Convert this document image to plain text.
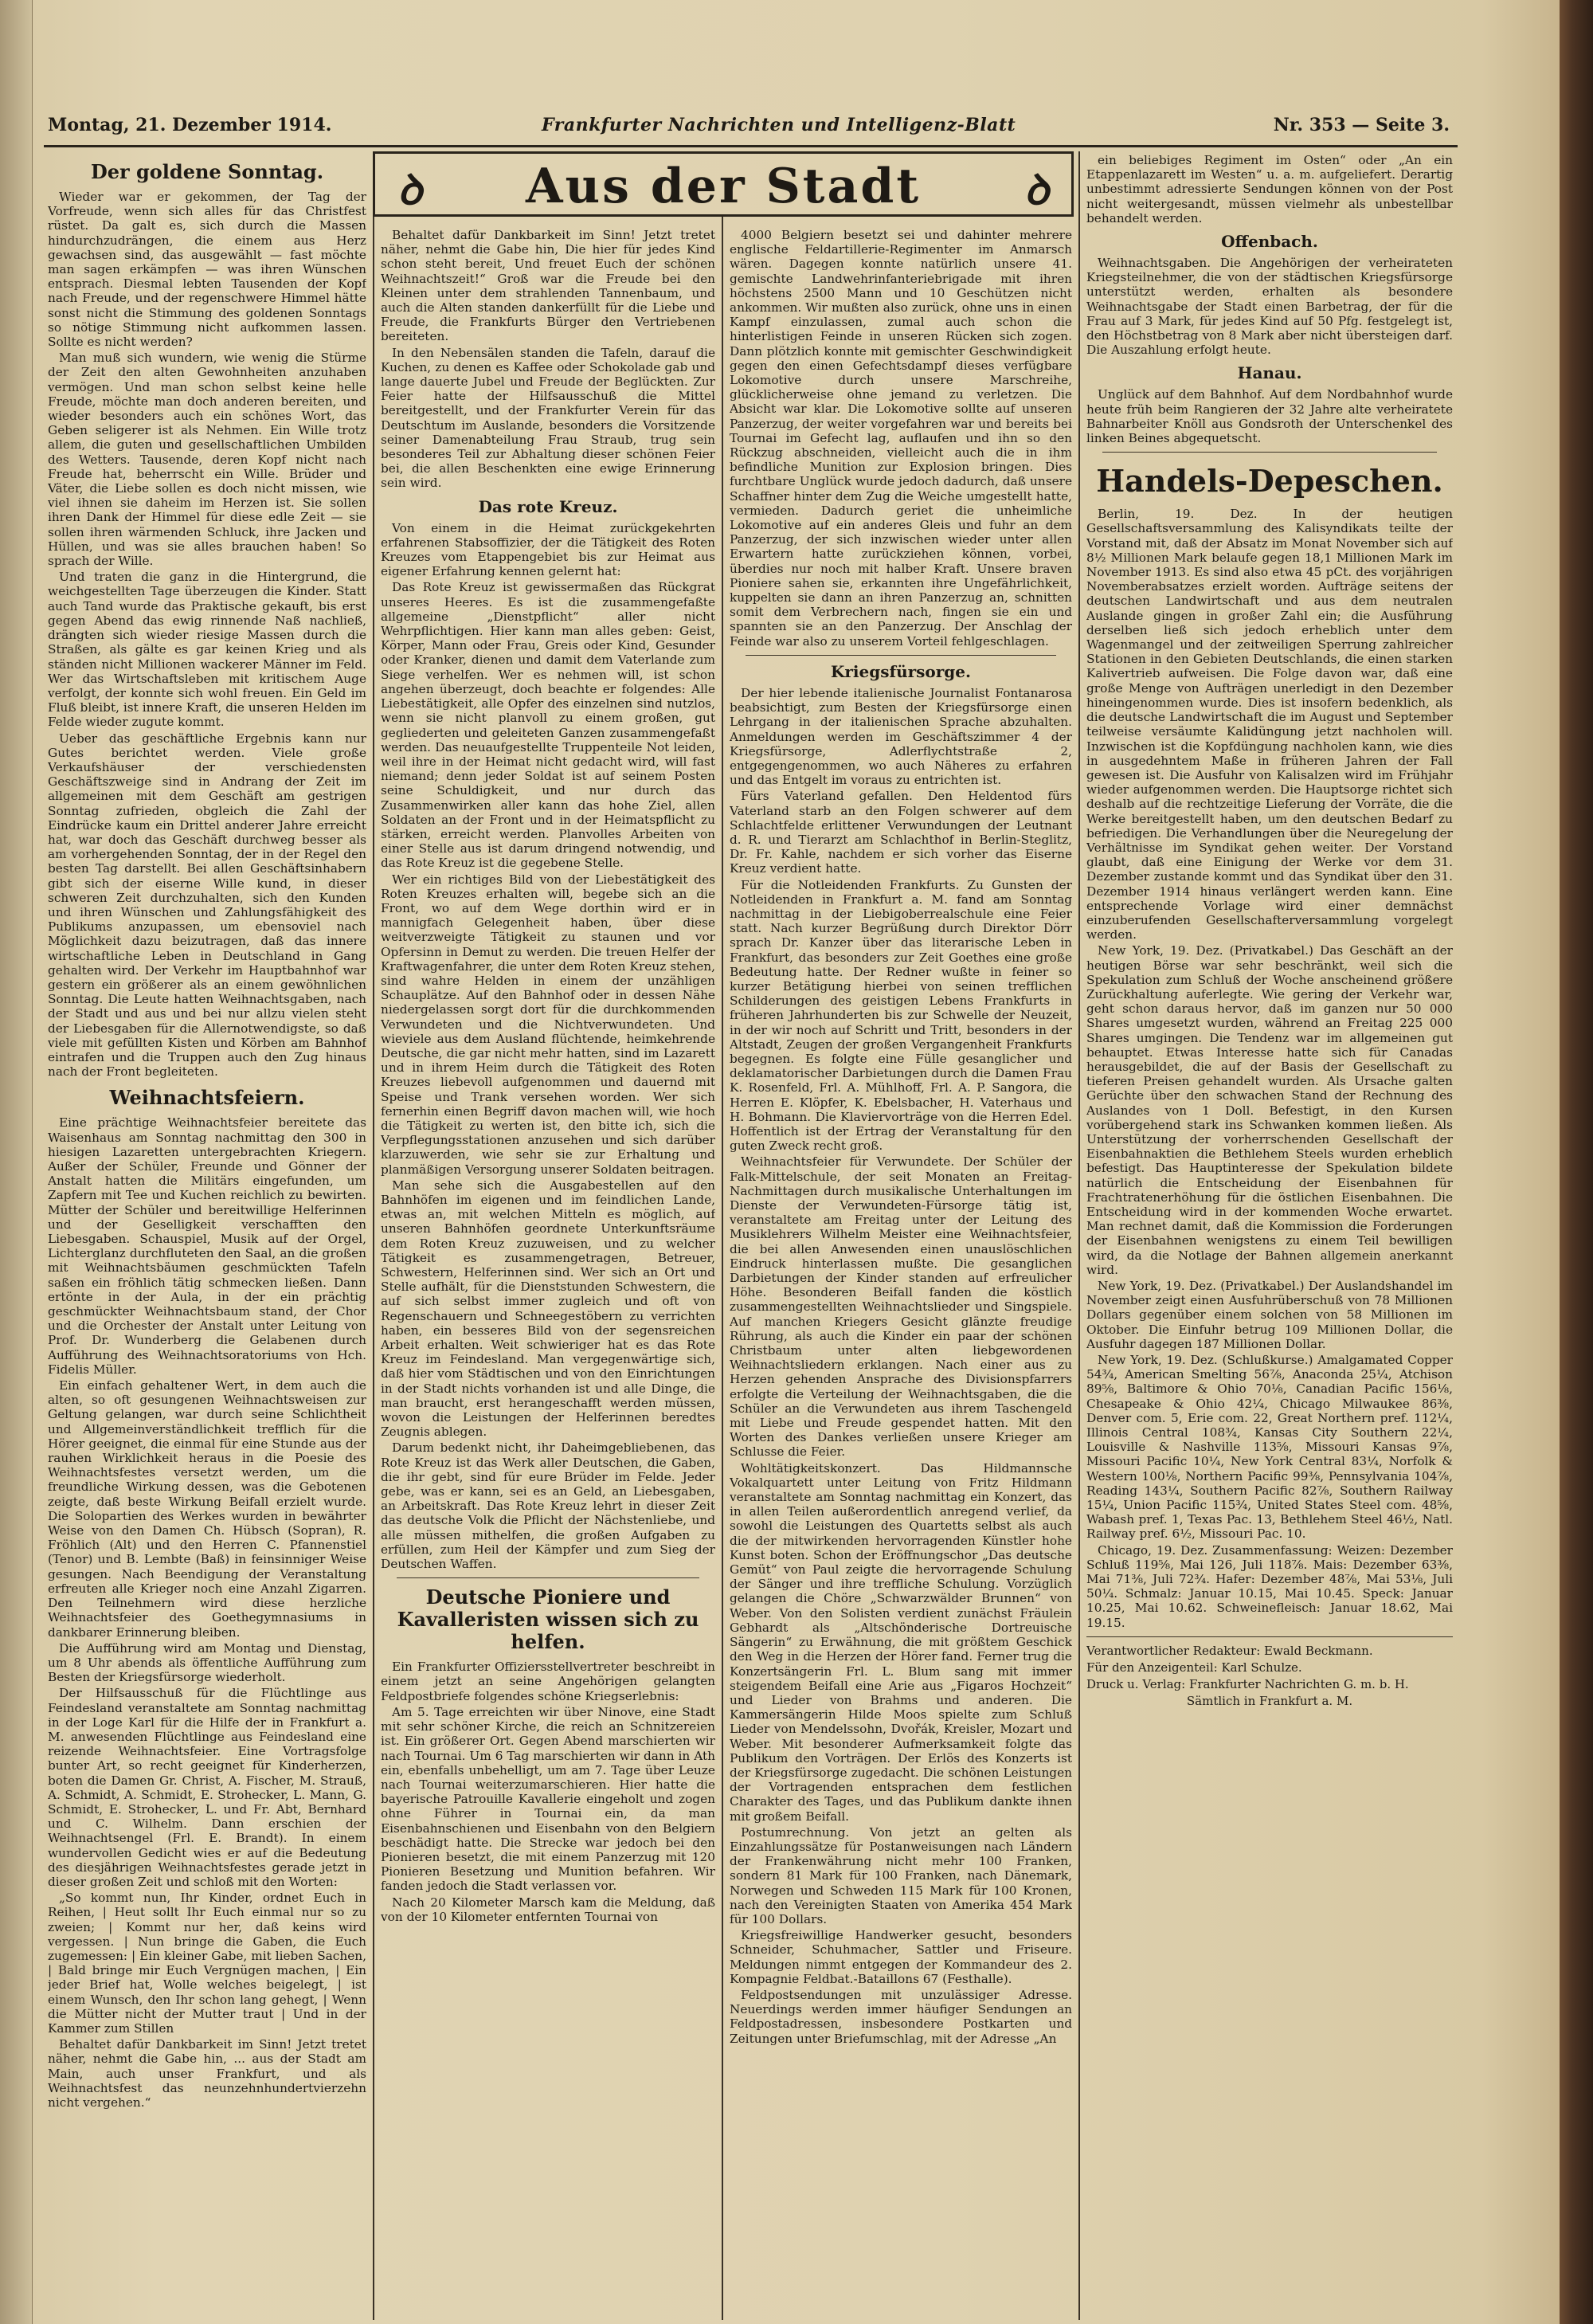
Montag, 21. Dezember 1914.	Frankfurter Nachrichten und Intelligenz-Blatt	Nr. 353 — Seite 3.
ꝺ	Aus der Stadt	ꝺ
Der goldene Sonntag.

Wieder war er gekommen, der Tag der Vorfreude, wenn sich alles für das Christfest rüstet. Da galt es, sich durch die Massen hindurchzudrängen, die einem aus Herz gewachsen sind, das ausgewählt — fast möchte man sagen erkämpfen — was ihren Wünschen entsprach. Diesmal lebten Tausenden der Kopf nach Freude, und der regenschwere Himmel hätte sonst nicht die Stimmung des goldenen Sonntags so nötige Stimmung nicht aufkommen lassen. Sollte es nicht werden?

Man muß sich wundern, wie wenig die Stürme der Zeit den alten Gewohnheiten anzuhaben vermögen. Und man schon selbst keine helle Freude, möchte man doch anderen bereiten, und wieder besonders auch ein schönes Wort, das Geben seligerer ist als Nehmen. Ein Wille trotz allem, die guten und gesellschaftlichen Umbilden des Wetters. Tausende, deren Kopf nicht nach Freude hat, beherrscht ein Wille. Brüder und Väter, die Liebe sollen es doch nicht missen, wie viel ihnen sie daheim im Herzen ist. Sie sollen ihren Dank der Himmel für diese edle Zeit — sie sollen ihren wärmenden Schluck, ihre Jacken und Hüllen, und was sie alles brauchen haben! So sprach der Wille.

Und traten die ganz in die Hintergrund, die weichgestellten Tage überzeugen die Kinder. Statt auch Tand wurde das Praktische gekauft, bis erst gegen Abend das ewig rinnende Naß nachließ, drängten sich wieder riesige Massen durch die Straßen, als gälte es gar keinen Krieg und als ständen nicht Millionen wackerer Männer im Feld. Wer das Wirtschaftsleben mit kritischem Auge verfolgt, der konnte sich wohl freuen. Ein Geld im Fluß bleibt, ist innere Kraft, die unseren Helden im Felde wieder zugute kommt.

Ueber das geschäftliche Ergebnis kann nur Gutes berichtet werden. Viele große Verkaufshäuser der verschiedensten Geschäftszweige sind in Andrang der Zeit im allgemeinen mit dem Geschäft am gestrigen Sonntag zufrieden, obgleich die Zahl der Eindrücke kaum ein Drittel anderer Jahre erreicht hat, war doch das Geschäft durchweg besser als am vorhergehenden Sonntag, der in der Regel den besten Tag darstellt. Bei allen Geschäftsinhabern gibt sich der eiserne Wille kund, in dieser schweren Zeit durchzuhalten, sich den Kunden und ihren Wünschen und Zahlungsfähigkeit des Publikums anzupassen, um ebensoviel nach Möglichkeit dazu beizutragen, daß das innere wirtschaftliche Leben in Deutschland in Gang gehalten wird. Der Verkehr im Hauptbahnhof war gestern ein größerer als an einem gewöhnlichen Sonntag. Die Leute hatten Weihnachtsgaben, nach der Stadt und aus und bei nur allzu vielen steht der Liebesgaben für die Allernotwendigste, so daß viele mit gefüllten Kisten und Körben am Bahnhof eintrafen und die Truppen auch den Zug hinaus nach der Front begleiteten.

Weihnachtsfeiern.

Eine prächtige Weihnachtsfeier bereitete das Waisenhaus am Sonntag nachmittag den 300 in hiesigen Lazaretten untergebrachten Kriegern. Außer der Schüler, Freunde und Gönner der Anstalt hatten die Militärs eingefunden, um Zapfern mit Tee und Kuchen reichlich zu bewirten. Mütter der Schüler und bereitwillige Helferinnen und der Geselligkeit verschafften den Liebesgaben. Schauspiel, Musik auf der Orgel, Lichterglanz durchfluteten den Saal, an die großen mit Weihnachtsbäumen geschmückten Tafeln saßen ein fröhlich tätig schmecken ließen. Dann ertönte in der Aula, in der ein prächtig geschmückter Weihnachtsbaum stand, der Chor und die Orchester der Anstalt unter Leitung von Prof. Dr. Wunderberg die Gelabenen durch Aufführung des Weihnachtsoratoriums von Hch. Fidelis Müller.

Ein einfach gehaltener Wert, in dem auch die alten, so oft gesungenen Weihnachtsweisen zur Geltung gelangen, war durch seine Schlichtheit und Allgemeinverständlichkeit trefflich für die Hörer geeignet, die einmal für eine Stunde aus der rauhen Wirklichkeit heraus in die Poesie des Weihnachtsfestes versetzt werden, um die freundliche Wirkung dessen, was die Gebotenen zeigte, daß beste Wirkung Beifall erzielt wurde. Die Solopartien des Werkes wurden in bewährter Weise von den Damen Ch. Hübsch (Sopran), R. Fröhlich (Alt) und den Herren C. Pfannenstiel (Tenor) und B. Lembte (Baß) in feinsinniger Weise gesungen. Nach Beendigung der Veranstaltung erfreuten alle Krieger noch eine Anzahl Zigarren. Den Teilnehmern wird diese herzliche Weihnachtsfeier des Goethegymnasiums in dankbarer Erinnerung bleiben.

Die Aufführung wird am Montag und Dienstag, um 8 Uhr abends als öffentliche Aufführung zum Besten der Kriegsfürsorge wiederholt.

Der Hilfsausschuß für die Flüchtlinge aus Feindesland veranstaltete am Sonntag nachmittag in der Loge Karl für die Hilfe der in Frankfurt a. M. anwesenden Flüchtlinge aus Feindesland eine reizende Weihnachtsfeier. Eine Vortragsfolge bunter Art, so recht geeignet für Kinderherzen, boten die Damen Gr. Christ, A. Fischer, M. Strauß, A. Schmidt, A. Schmidt, E. Strohecker, L. Mann, G. Schmidt, E. Strohecker, L. und Fr. Abt, Bernhard und C. Wilhelm. Dann erschien der Weihnachtsengel (Frl. E. Brandt). In einem wundervollen Gedicht wies er auf die Bedeutung des diesjährigen Weihnachtsfestes gerade jetzt in dieser großen Zeit und schloß mit den Worten:

„So kommt nun, Ihr Kinder, ordnet Euch in Reihen, | Heut sollt Ihr Euch einmal nur so zu zweien; | Kommt nur her, daß keins wird vergessen. | Nun bringe die Gaben, die Euch zugemessen: | Ein kleiner Gabe, mit lieben Sachen, | Bald bringe mir Euch Vergnügen machen, | Ein jeder Brief hat, Wolle welches beigelegt, | ist einem Wunsch, den Ihr schon lang gehegt, | Wenn die Mütter nicht der Mutter traut | Und in der Kammer zum Stillen

Behaltet dafür Dankbarkeit im Sinn! Jetzt tretet näher, nehmt die Gabe hin, ... aus der Stadt am Main, auch unser Frankfurt, und als Weihnachtsfest das neunzehnhundertvierzehn nicht vergehen.“

Behaltet dafür Dankbarkeit im Sinn! Jetzt tretet näher, nehmt die Gabe hin, Die hier für jedes Kind schon steht bereit, Und freuet Euch der schönen Weihnachtszeit!“ Groß war die Freude bei den Kleinen unter dem strahlenden Tannenbaum, und auch die Alten standen dankerfüllt für die Liebe und Freude, die Frankfurts Bürger den Vertriebenen bereiteten.

In den Nebensälen standen die Tafeln, darauf die Kuchen, zu denen es Kaffee oder Schokolade gab und lange dauerte Jubel und Freude der Beglückten. Zur Feier hatte der Hilfsausschuß die Mittel bereitgestellt, und der Frankfurter Verein für das Deutschtum im Auslande, besonders die Vorsitzende seiner Damenabteilung Frau Straub, trug sein besonderes Teil zur Abhaltung dieser schönen Feier bei, die allen Beschenkten eine ewige Erinnerung sein wird.

Das rote Kreuz.

Von einem in die Heimat zurückgekehrten erfahrenen Stabsoffizier, der die Tätigkeit des Roten Kreuzes vom Etappengebiet bis zur Heimat aus eigener Erfahrung kennen gelernt hat:

Das Rote Kreuz ist gewissermaßen das Rückgrat unseres Heeres. Es ist die zusammengefaßte allgemeine „Dienstpflicht“ aller nicht Wehrpflichtigen. Hier kann man alles geben: Geist, Körper, Mann oder Frau, Greis oder Kind, Gesunder oder Kranker, dienen und damit dem Vaterlande zum Siege verhelfen. Wer es nehmen will, ist schon angehen überzeugt, doch beachte er folgendes: Alle Liebestätigkeit, alle Opfer des einzelnen sind nutzlos, wenn sie nicht planvoll zu einem großen, gut gegliederten und geleiteten Ganzen zusammengefaßt werden. Das neuaufgestellte Truppenteile Not leiden, weil ihre in der Heimat nicht gedacht wird, will fast niemand; denn jeder Soldat ist auf seinem Posten seine Schuldigkeit, und nur durch das Zusammenwirken aller kann das hohe Ziel, allen Soldaten an der Front und in der Heimatspflicht zu stärken, erreicht werden. Planvolles Arbeiten von einer Stelle aus ist darum dringend notwendig, und das Rote Kreuz ist die gegebene Stelle.

Wer ein richtiges Bild von der Liebestätigkeit des Roten Kreuzes erhalten will, begebe sich an die Front, wo auf dem Wege dorthin wird er in mannigfach Gelegenheit haben, über diese weitverzweigte Tätigkeit zu staunen und vor Opfersinn in Demut zu werden. Die treuen Helfer der Kraftwagenfahrer, die unter dem Roten Kreuz stehen, sind wahre Helden in einem der unzähligen Schauplätze. Auf den Bahnhof oder in dessen Nähe niedergelassen sorgt dort für die durchkommenden Verwundeten und die Nichtverwundeten. Und wieviele aus dem Ausland flüchtende, heimkehrende Deutsche, die gar nicht mehr hatten, sind im Lazarett und in ihrem Heim durch die Tätigkeit des Roten Kreuzes liebevoll aufgenommen und dauernd mit Speise und Trank versehen worden. Wer sich fernerhin einen Begriff davon machen will, wie hoch die Tätigkeit zu werten ist, den bitte ich, sich die Verpflegungsstationen anzusehen und sich darüber klarzuwerden, wie sehr sie zur Erhaltung und planmäßigen Versorgung unserer Soldaten beitragen.

Man sehe sich die Ausgabestellen auf den Bahnhöfen im eigenen und im feindlichen Lande, etwas an, mit welchen Mitteln es möglich, auf unseren Bahnhöfen geordnete Unterkunftsräume dem Roten Kreuz zuzuweisen, und zu welcher Tätigkeit es zusammengetragen, Betreuer, Schwestern, Helferinnen sind. Wer sich an Ort und Stelle aufhält, für die Dienststunden Schwestern, die auf sich selbst immer zugleich und oft von Regenschauern und Schneegestöbern zu verrichten haben, ein besseres Bild von der segensreichen Arbeit erhalten. Weit schwieriger hat es das Rote Kreuz im Feindesland. Man vergegenwärtige sich, daß hier vom Städtischen und von den Einrichtungen in der Stadt nichts vorhanden ist und alle Dinge, die man braucht, erst herangeschafft werden müssen, wovon die Leistungen der Helferinnen beredtes Zeugnis ablegen.

Darum bedenkt nicht, ihr Daheimgebliebenen, das Rote Kreuz ist das Werk aller Deutschen, die Gaben, die ihr gebt, sind für eure Brüder im Felde. Jeder gebe, was er kann, sei es an Geld, an Liebesgaben, an Arbeitskraft. Das Rote Kreuz lehrt in dieser Zeit das deutsche Volk die Pflicht der Nächstenliebe, und alle müssen mithelfen, die großen Aufgaben zu erfüllen, zum Heil der Kämpfer und zum Sieg der Deutschen Waffen.

Deutsche Pioniere und Kavalleristen wissen sich zu helfen.

Ein Frankfurter Offiziersstellvertreter beschreibt in einem jetzt an seine Angehörigen gelangten Feldpostbriefe folgendes schöne Kriegserlebnis:

Am 5. Tage erreichten wir über Ninove, eine Stadt mit sehr schöner Kirche, die reich an Schnitzereien ist. Ein größerer Ort. Gegen Abend marschierten wir nach Tournai. Um 6 Tag marschierten wir dann in Ath ein, ebenfalls unbehelligt, um am 7. Tage über Leuze nach Tournai weiterzumarschieren. Hier hatte die bayerische Patrouille Kavallerie eingeholt und zogen ohne Führer in Tournai ein, da man Eisenbahnschienen und Eisenbahn von den Belgiern beschädigt hatte. Die Strecke war jedoch bei den Pionieren besetzt, die mit einem Panzerzug mit 120 Pionieren Besetzung und Munition befahren. Wir fanden jedoch die Stadt verlassen vor.

Nach 20 Kilometer Marsch kam die Meldung, daß von der 10 Kilometer entfernten Tournai von

4000 Belgiern besetzt sei und dahinter mehrere englische Feldartillerie-Regimenter im Anmarsch wären. Dagegen konnte natürlich unsere 41. gemischte Landwehrinfanteriebrigade mit ihren höchstens 2500 Mann und 10 Geschützen nicht ankommen. Wir mußten also zurück, ohne uns in einen Kampf einzulassen, zumal auch schon die hinterlistigen Feinde in unseren Rücken sich zogen. Dann plötzlich konnte mit gemischter Geschwindigkeit gegen den einen Gefechtsdampf dieses verfügbare Lokomotive durch unsere Marschreihe, glücklicherweise ohne jemand zu verletzen. Die Absicht war klar. Die Lokomotive sollte auf unseren Panzerzug, der weiter vorgefahren war und bereits bei Tournai im Gefecht lag, auflaufen und ihn so den Rückzug abschneiden, vielleicht auch die in ihm befindliche Munition zur Explosion bringen. Dies furchtbare Unglück wurde jedoch dadurch, daß unsere Schaffner hinter dem Zug die Weiche umgestellt hatte, vermieden. Dadurch geriet die unheimliche Lokomotive auf ein anderes Gleis und fuhr an dem Panzerzug, der sich inzwischen wieder unter allen Erwartern hatte zurückziehen können, vorbei, überdies nur noch mit halber Kraft. Unsere braven Pioniere sahen sie, erkannten ihre Ungefährlichkeit, kuppelten sie dann an ihren Panzerzug an, schnitten somit dem Verbrechern nach, fingen sie ein und spannten sie an den Panzerzug. Der Anschlag der Feinde war also zu unserem Vorteil fehlgeschlagen.

Kriegsfürsorge.

Der hier lebende italienische Journalist Fontanarosa beabsichtigt, zum Besten der Kriegsfürsorge einen Lehrgang in der italienischen Sprache abzuhalten. Anmeldungen werden im Geschäftszimmer 4 der Kriegsfürsorge, Adlerflychtstraße 2, entgegengenommen, wo auch Näheres zu erfahren und das Entgelt im voraus zu entrichten ist.

Fürs Vaterland gefallen. Den Heldentod fürs Vaterland starb an den Folgen schwerer auf dem Schlachtfelde erlittener Verwundungen der Leutnant d. R. und Tierarzt am Schlachthof in Berlin-Steglitz, Dr. Fr. Kahle, nachdem er sich vorher das Eiserne Kreuz verdient hatte.

Für die Notleidenden Frankfurts. Zu Gunsten der Notleidenden in Frankfurt a. M. fand am Sonntag nachmittag in der Liebigoberrealschule eine Feier statt. Nach kurzer Begrüßung durch Direktor Dörr sprach Dr. Kanzer über das literarische Leben in Frankfurt, das besonders zur Zeit Goethes eine große Bedeutung hatte. Der Redner wußte in feiner so kurzer Betätigung hierbei von seinen trefflichen Schilderungen des geistigen Lebens Frankfurts in früheren Jahrhunderten bis zur Schwelle der Neuzeit, in der wir noch auf Schritt und Tritt, besonders in der Altstadt, Zeugen der großen Vergangenheit Frankfurts begegnen. Es folgte eine Fülle gesanglicher und deklamatorischer Darbietungen durch die Damen Frau K. Rosenfeld, Frl. A. Mühlhoff, Frl. A. P. Sangora, die Herren E. Klöpfer, K. Ebelsbacher, H. Vaterhaus und H. Bohmann. Die Klaviervorträge von die Herren Edel. Hoffentlich ist der Ertrag der Veranstaltung für den guten Zweck recht groß.

Weihnachtsfeier für Verwundete. Der Schüler der Falk-Mittelschule, der seit Monaten an Freitag-Nachmittagen durch musikalische Unterhaltungen im Dienste der Verwundeten-Fürsorge tätig ist, veranstaltete am Freitag unter der Leitung des Musiklehrers Wilhelm Meister eine Weihnachtsfeier, die bei allen Anwesenden einen unauslöschlichen Eindruck hinterlassen mußte. Die gesanglichen Darbietungen der Kinder standen auf erfreulicher Höhe. Besonderen Beifall fanden die köstlich zusammengestellten Weihnachtslieder und Singspiele. Auf manchen Kriegers Gesicht glänzte freudige Rührung, als auch die Kinder ein paar der schönen Christbaum unter alten liebgewordenen Weihnachtsliedern erklangen. Nach einer aus zu Herzen gehenden Ansprache des Divisionspfarrers erfolgte die Verteilung der Weihnachtsgaben, die die Schüler an die Verwundeten aus ihrem Taschengeld mit Liebe und Freude gespendet hatten. Mit den Worten des Dankes verließen unsere Krieger am Schlusse die Feier.

Wohltätigkeitskonzert. Das Hildmannsche Vokalquartett unter Leitung von Fritz Hildmann veranstaltete am Sonntag nachmittag ein Konzert, das in allen Teilen außerordentlich anregend verlief, da sowohl die Leistungen des Quartetts selbst als auch die der mitwirkenden hervorragenden Künstler hohe Kunst boten. Schon der Eröffnungschor „Das deutsche Gemüt“ von Paul zeigte die hervorragende Schulung der Sänger und ihre treffliche Schulung. Vorzüglich gelangen die Chöre „Schwarzwälder Brunnen“ von Weber. Von den Solisten verdient zunächst Fräulein Gebhardt als „Altschönderische Dortreuische Sängerin“ zu Erwähnung, die mit größtem Geschick den Weg in die Herzen der Hörer fand. Ferner trug die Konzertsängerin Frl. L. Blum sang mit immer steigendem Beifall eine Arie aus „Figaros Hochzeit“ und Lieder von Brahms und anderen. Die Kammersängerin Hilde Moos spielte zum Schluß Lieder von Mendelssohn, Dvořák, Kreisler, Mozart und Weber. Mit besonderer Aufmerksamkeit folgte das Publikum den Vorträgen. Der Erlös des Konzerts ist der Kriegsfürsorge zugedacht. Die schönen Leistungen der Vortragenden entsprachen dem festlichen Charakter des Tages, und das Publikum dankte ihnen mit großem Beifall.

Postumrechnung. Von jetzt an gelten als Einzahlungssätze für Postanweisungen nach Ländern der Frankenwährung nicht mehr 100 Franken, sondern 81 Mark für 100 Franken, nach Dänemark, Norwegen und Schweden 115 Mark für 100 Kronen, nach den Vereinigten Staaten von Amerika 454 Mark für 100 Dollars.

Kriegsfreiwillige Handwerker gesucht, besonders Schneider, Schuhmacher, Sattler und Friseure. Meldungen nimmt entgegen der Kommandeur des 2. Kompagnie Feldbat.-Bataillons 67 (Festhalle).

Feldpostsendungen mit unzulässiger Adresse. Neuerdings werden immer häufiger Sendungen an Feldpostadressen, insbesondere Postkarten und Zeitungen unter Briefumschlag, mit der Adresse „An

ein beliebiges Regiment im Osten“ oder „An ein Etappenlazarett im Westen“ u. a. m. aufgeliefert. Derartig unbestimmt adressierte Sendungen können von der Post nicht weitergesandt, müssen vielmehr als unbestellbar behandelt werden.

Offenbach.

Weihnachtsgaben. Die Angehörigen der verheirateten Kriegsteilnehmer, die von der städtischen Kriegsfürsorge unterstützt werden, erhalten als besondere Weihnachtsgabe der Stadt einen Barbetrag, der für die Frau auf 3 Mark, für jedes Kind auf 50 Pfg. festgelegt ist, den Höchstbetrag von 8 Mark aber nicht übersteigen darf. Die Auszahlung erfolgt heute.

Hanau.

Unglück auf dem Bahnhof. Auf dem Nordbahnhof wurde heute früh beim Rangieren der 32 Jahre alte verheiratete Bahnarbeiter Knöll aus Gondsroth der Unterschenkel des linken Beines abgequetscht.

Handels-Depeschen.

Berlin, 19. Dez. In der heutigen Gesellschaftsversammlung des Kalisyndikats teilte der Vorstand mit, daß der Absatz im Monat November sich auf 8½ Millionen Mark belaufe gegen 18,1 Millionen Mark im November 1913. Es sind also etwa 45 pCt. des vorjährigen Novemberabsatzes erzielt worden. Aufträge seitens der deutschen Landwirtschaft und aus dem neutralen Auslande gingen in großer Zahl ein; die Ausführung derselben ließ sich jedoch erheblich unter dem Wagenmangel und der zeitweiligen Sperrung zahlreicher Stationen in den Gebieten Deutschlands, die einen starken Kalivertrieb aufweisen. Die Folge davon war, daß eine große Menge von Aufträgen unerledigt in den Dezember hineingenommen wurde. Dies ist insofern bedenklich, als die deutsche Landwirtschaft die im August und September teilweise versäumte Kalidüngung jetzt nachholen will. Inzwischen ist die Kopfdüngung nachholen kann, wie dies in ausgedehntem Maße in früheren Jahren der Fall gewesen ist. Die Ausfuhr von Kalisalzen wird im Frühjahr wieder aufgenommen werden. Die Hauptsorge richtet sich deshalb auf die rechtzeitige Lieferung der Vorräte, die die Werke bereitgestellt haben, um den deutschen Bedarf zu befriedigen. Die Verhandlungen über die Neuregelung der Verhältnisse im Syndikat gehen weiter. Der Vorstand glaubt, daß eine Einigung der Werke vor dem 31. Dezember zustande kommt und das Syndikat über den 31. Dezember 1914 hinaus verlängert werden kann. Eine entsprechende Vorlage wird einer demnächst einzuberufenden Gesellschafterversammlung vorgelegt werden.

New York, 19. Dez. (Privatkabel.) Das Geschäft an der heutigen Börse war sehr beschränkt, weil sich die Spekulation zum Schluß der Woche anscheinend größere Zurückhaltung auferlegte. Wie gering der Verkehr war, geht schon daraus hervor, daß im ganzen nur 50 000 Shares umgesetzt wurden, während an Freitag 225 000 Shares umgingen. Die Tendenz war im allgemeinen gut behauptet. Etwas Interesse hatte sich für Canadas herausgebildet, die auf der Basis der Gesellschaft zu tieferen Preisen gehandelt wurden. Als Ursache galten Gerüchte über den schwachen Stand der Rechnung des Auslandes von 1 Doll. Befestigt, in den Kursen vorübergehend stark ins Schwanken kommen ließen. Als Unterstützung der vorherrschenden Gesellschaft der Eisenbahnaktien die Bethlehem Steels wurden erheblich befestigt. Das Hauptinteresse der Spekulation bildete natürlich die Entscheidung der Eisenbahnen für Frachtratenerhöhung für die östlichen Eisenbahnen. Die Entscheidung wird in der kommenden Woche erwartet. Man rechnet damit, daß die Kommission die Forderungen der Eisenbahnen wenigstens zu einem Teil bewilligen wird, da die Notlage der Bahnen allgemein anerkannt wird.

New York, 19. Dez. (Privatkabel.) Der Auslandshandel im November zeigt einen Ausfuhrüberschuß von 78 Millionen Dollars gegenüber einem solchen von 58 Millionen im Oktober. Die Einfuhr betrug 109 Millionen Dollar, die Ausfuhr dagegen 187 Millionen Dollar.

New York, 19. Dez. (Schlußkurse.) Amalgamated Copper 54¾, American Smelting 56⅞, Anaconda 25¼, Atchison 89⅝, Baltimore & Ohio 70⅛, Canadian Pacific 156⅛, Chesapeake & Ohio 42¼, Chicago Milwaukee 86⅜, Denver com. 5, Erie com. 22, Great Northern pref. 112¼, Illinois Central 108¾, Kansas City Southern 22¼, Louisville & Nashville 113⅝, Missouri Kansas 9⅞, Missouri Pacific 10¼, New York Central 83¼, Norfolk & Western 100⅛, Northern Pacific 99⅜, Pennsylvania 104⅞, Reading 143¼, Southern Pacific 82⅞, Southern Railway 15¼, Union Pacific 115¾, United States Steel com. 48⅝, Wabash pref. 1, Texas Pac. 13, Bethlehem Steel 46½, Natl. Railway pref. 6½, Missouri Pac. 10.

Chicago, 19. Dez. Zusammenfassung: Weizen: Dezember Schluß 119⅝, Mai 126, Juli 118⅞. Mais: Dezember 63⅜, Mai 71⅜, Juli 72¾. Hafer: Dezember 48⅞, Mai 53⅛, Juli 50¼. Schmalz: Januar 10.15, Mai 10.45. Speck: Januar 10.25, Mai 10.62. Schweinefleisch: Januar 18.62, Mai 19.15.

Verantwortlicher Redakteur: Ewald Beckmann.

Für den Anzeigenteil: Karl Schulze.

Druck u. Verlag: Frankfurter Nachrichten G. m. b. H.

Sämtlich in Frankfurt a. M.
